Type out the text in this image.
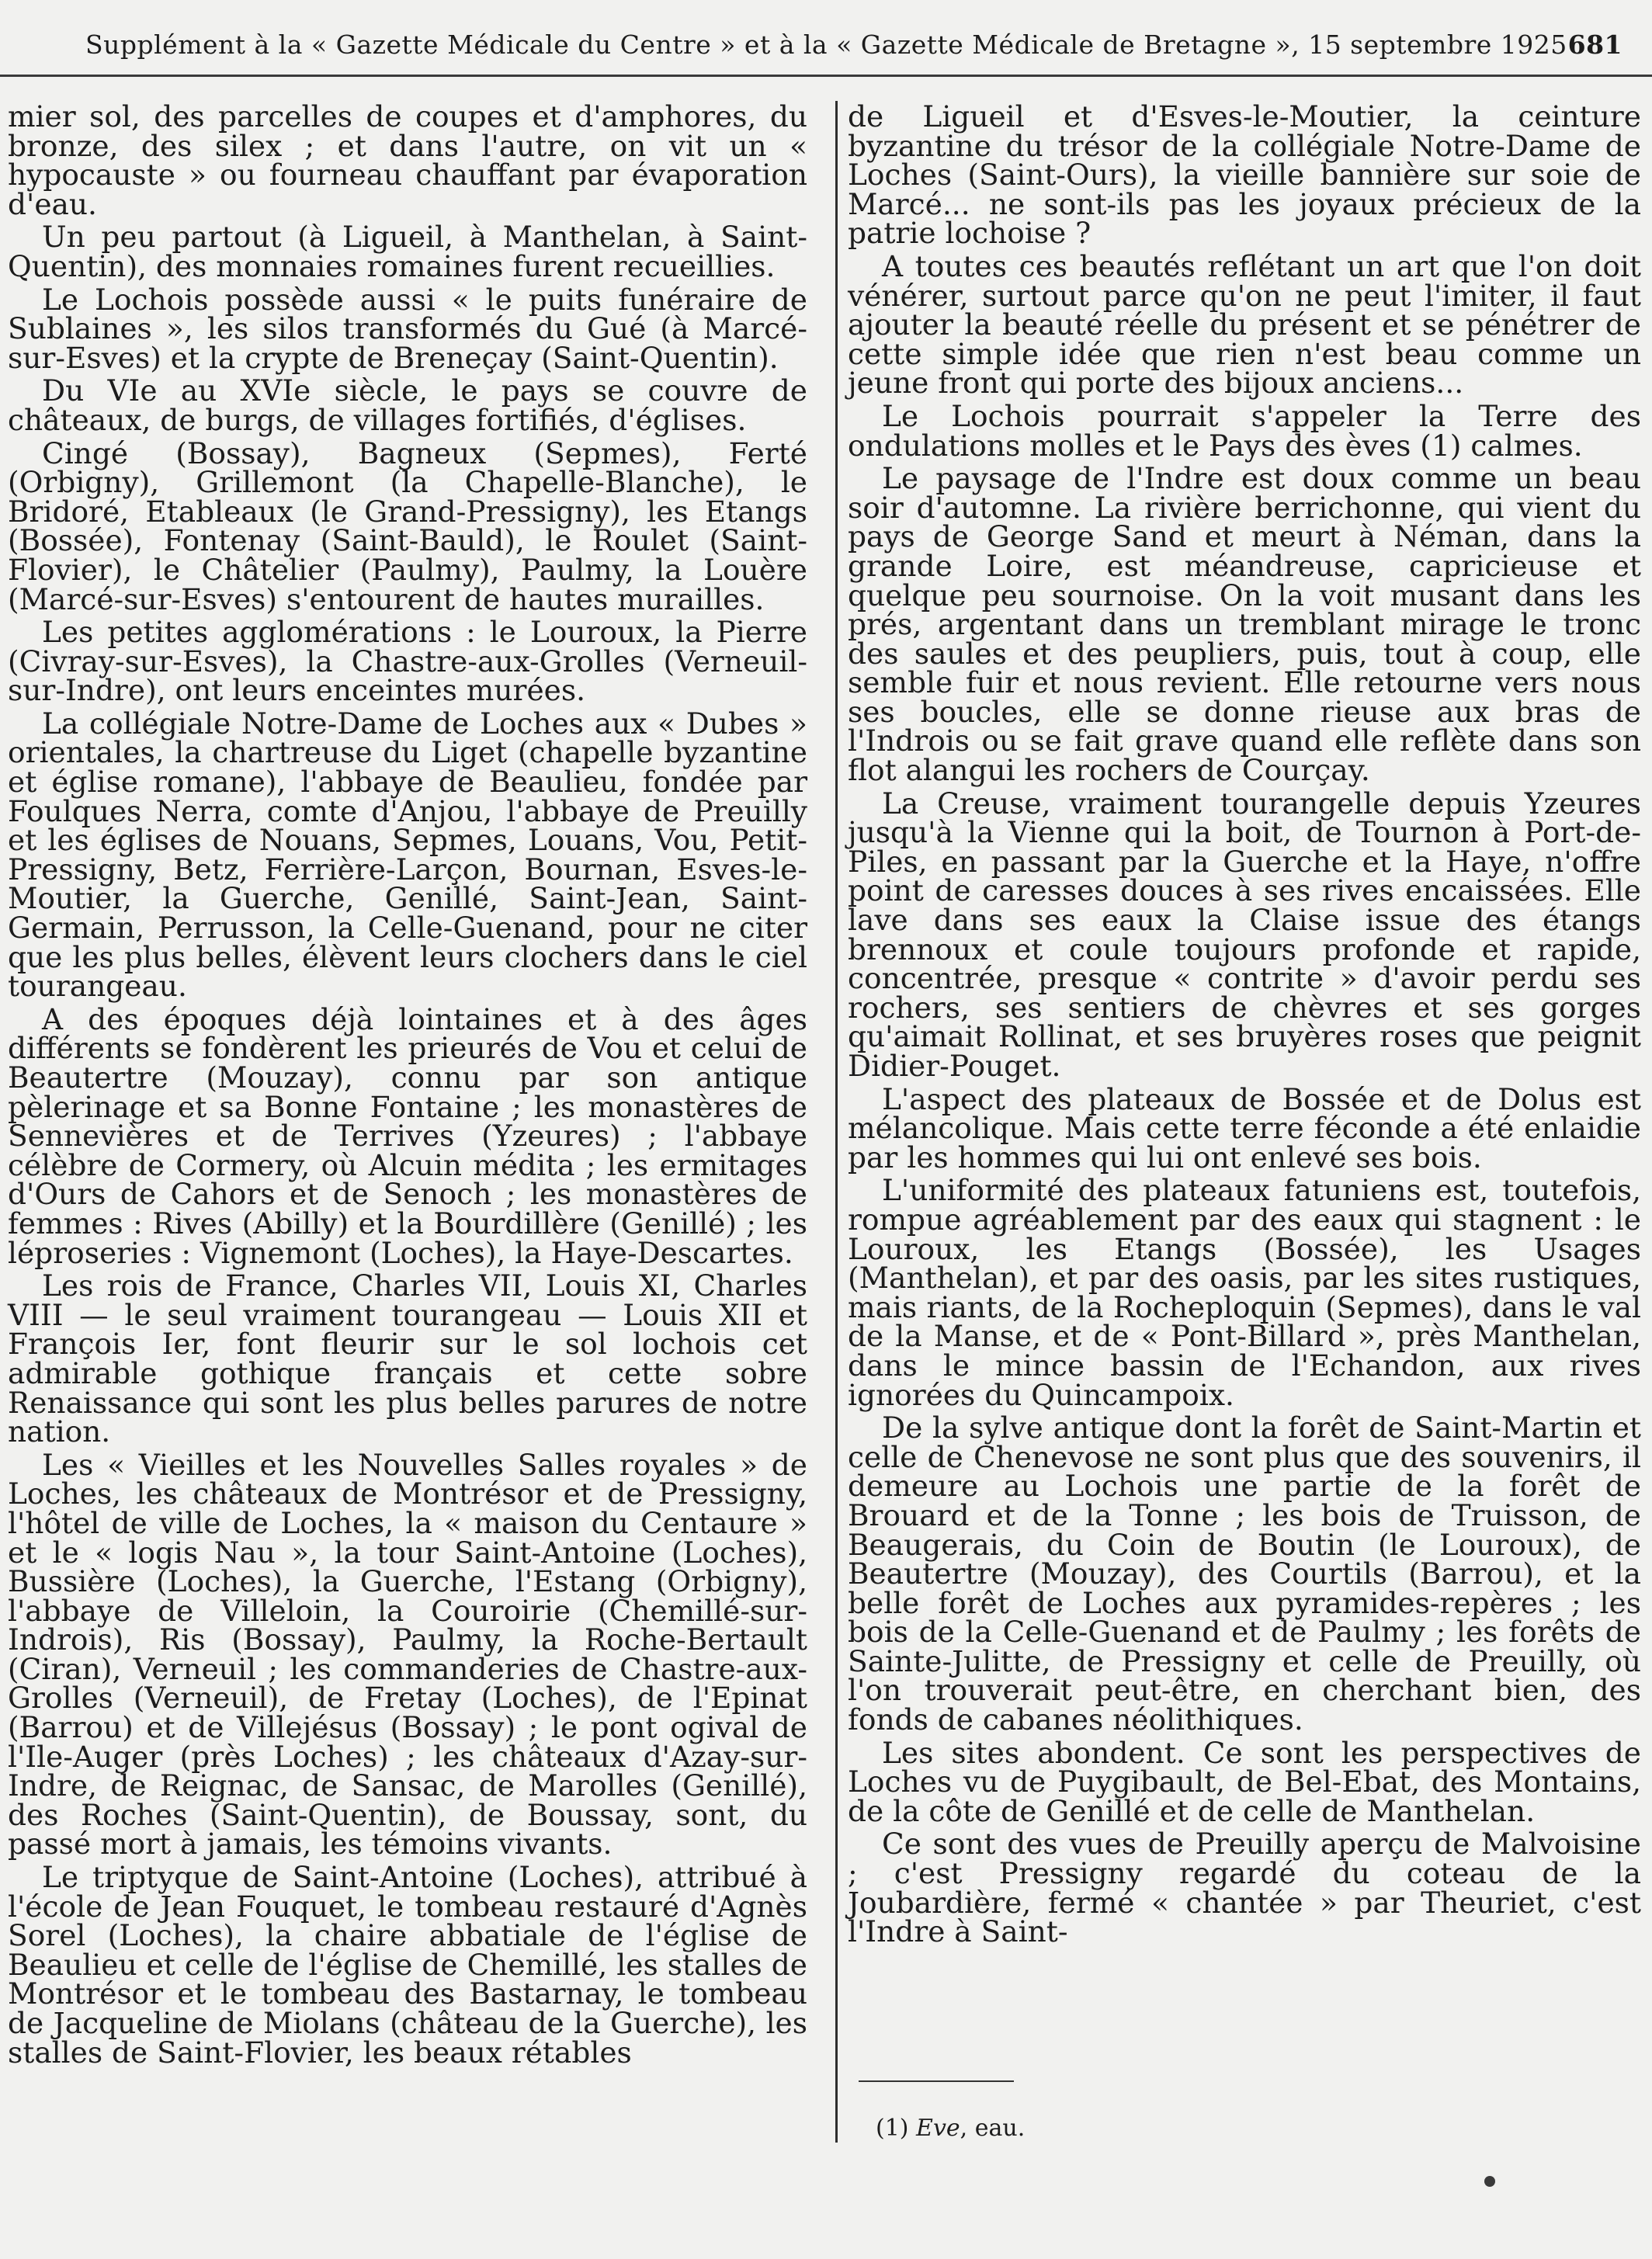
Supplément à la « Gazette Médicale du Centre » et à la « Gazette Médicale de Bretagne », 15 septembre 1925 681

mier sol, des parcelles de coupes et d'amphores, du bronze, des silex ; et dans l'autre, on vit un « hypocauste » ou fourneau chauffant par évaporation d'eau.

Un peu partout (à Ligueil, à Manthelan, à Saint-Quentin), des monnaies romaines furent recueillies.

Le Lochois possède aussi « le puits funéraire de Sublaines », les silos transformés du Gué (à Marcé-sur-Esves) et la crypte de Breneçay (Saint-Quentin).

Du VIe au XVIe siècle, le pays se couvre de châteaux, de burgs, de villages fortifiés, d'églises.

Cingé (Bossay), Bagneux (Sepmes), Ferté (Orbigny), Grillemont (la Chapelle-Blanche), le Bridoré, Etableaux (le Grand-Pressigny), les Etangs (Bossée), Fontenay (Saint-Bauld), le Roulet (Saint-Flovier), le Châtelier (Paulmy), Paulmy, la Louère (Marcé-sur-Esves) s'entourent de hautes murailles.

Les petites agglomérations : le Louroux, la Pierre (Civray-sur-Esves), la Chastre-aux-Grolles (Verneuil-sur-Indre), ont leurs enceintes murées.

La collégiale Notre-Dame de Loches aux « Dubes » orientales, la chartreuse du Liget (chapelle byzantine et église romane), l'abbaye de Beaulieu, fondée par Foulques Nerra, comte d'Anjou, l'abbaye de Preuilly et les églises de Nouans, Sepmes, Louans, Vou, Petit-Pressigny, Betz, Ferrière-Larçon, Bournan, Esves-le-Moutier, la Guerche, Genillé, Saint-Jean, Saint-Germain, Perrusson, la Celle-Guenand, pour ne citer que les plus belles, élèvent leurs clochers dans le ciel tourangeau.

A des époques déjà lointaines et à des âges différents se fondèrent les prieurés de Vou et celui de Beautertre (Mouzay), connu par son antique pèlerinage et sa Bonne Fontaine ; les monastères de Sennevières et de Terrives (Yzeures) ; l'abbaye célèbre de Cormery, où Alcuin médita ; les ermitages d'Ours de Cahors et de Senoch ; les monastères de femmes : Rives (Abilly) et la Bourdillère (Genillé) ; les léproseries : Vignemont (Loches), la Haye-Descartes.

Les rois de France, Charles VII, Louis XI, Charles VIII — le seul vraiment tourangeau — Louis XII et François Ier, font fleurir sur le sol lochois cet admirable gothique français et cette sobre Renaissance qui sont les plus belles parures de notre nation.

Les « Vieilles et les Nouvelles Salles royales » de Loches, les châteaux de Montrésor et de Pressigny, l'hôtel de ville de Loches, la « maison du Centaure » et le « logis Nau », la tour Saint-Antoine (Loches), Bussière (Loches), la Guerche, l'Estang (Orbigny), l'abbaye de Villeloin, la Couroirie (Chemillé-sur-Indrois), Ris (Bossay), Paulmy, la Roche-Bertault (Ciran), Verneuil ; les commanderies de Chastre-aux-Grolles (Verneuil), de Fretay (Loches), de l'Epinat (Barrou) et de Villejésus (Bossay) ; le pont ogival de l'Ile-Auger (près Loches) ; les châteaux d'Azay-sur-Indre, de Reignac, de Sansac, de Marolles (Genillé), des Roches (Saint-Quentin), de Boussay, sont, du passé mort à jamais, les témoins vivants.

Le triptyque de Saint-Antoine (Loches), attribué à l'école de Jean Fouquet, le tombeau restauré d'Agnès Sorel (Loches), la chaire abbatiale de l'église de Beaulieu et celle de l'église de Chemillé, les stalles de Montrésor et le tombeau des Bastarnay, le tombeau de Jacqueline de Miolans (château de la Guerche), les stalles de Saint-Flovier, les beaux rétables

de Ligueil et d'Esves-le-Moutier, la ceinture byzantine du trésor de la collégiale Notre-Dame de Loches (Saint-Ours), la vieille bannière sur soie de Marcé... ne sont-ils pas les joyaux précieux de la patrie lochoise ?

A toutes ces beautés reflétant un art que l'on doit vénérer, surtout parce qu'on ne peut l'imiter, il faut ajouter la beauté réelle du présent et se pénétrer de cette simple idée que rien n'est beau comme un jeune front qui porte des bijoux anciens...

Le Lochois pourrait s'appeler la Terre des ondulations molles et le Pays des èves (1) calmes.

Le paysage de l'Indre est doux comme un beau soir d'automne. La rivière berrichonne, qui vient du pays de George Sand et meurt à Néman, dans la grande Loire, est méandreuse, capricieuse et quelque peu sournoise. On la voit musant dans les prés, argentant dans un tremblant mirage le tronc des saules et des peupliers, puis, tout à coup, elle semble fuir et nous revient. Elle retourne vers nous ses boucles, elle se donne rieuse aux bras de l'Indrois ou se fait grave quand elle reflète dans son flot alangui les rochers de Courçay.

La Creuse, vraiment tourangelle depuis Yzeures jusqu'à la Vienne qui la boit, de Tournon à Port-de-Piles, en passant par la Guerche et la Haye, n'offre point de caresses douces à ses rives encaissées. Elle lave dans ses eaux la Claise issue des étangs brennoux et coule toujours profonde et rapide, concentrée, presque « contrite » d'avoir perdu ses rochers, ses sentiers de chèvres et ses gorges qu'aimait Rollinat, et ses bruyères roses que peignit Didier-Pouget.

L'aspect des plateaux de Bossée et de Dolus est mélancolique. Mais cette terre féconde a été enlaidie par les hommes qui lui ont enlevé ses bois.

L'uniformité des plateaux fatuniens est, toutefois, rompue agréablement par des eaux qui stagnent : le Louroux, les Etangs (Bossée), les Usages (Manthelan), et par des oasis, par les sites rustiques, mais riants, de la Rocheploquin (Sepmes), dans le val de la Manse, et de « Pont-Billard », près Manthelan, dans le mince bassin de l'Echandon, aux rives ignorées du Quincampoix.

De la sylve antique dont la forêt de Saint-Martin et celle de Chenevose ne sont plus que des souvenirs, il demeure au Lochois une partie de la forêt de Brouard et de la Tonne ; les bois de Truisson, de Beaugerais, du Coin de Boutin (le Louroux), de Beautertre (Mouzay), des Courtils (Barrou), et la belle forêt de Loches aux pyramides-repères ; les bois de la Celle-Guenand et de Paulmy ; les forêts de Sainte-Julitte, de Pressigny et celle de Preuilly, où l'on trouverait peut-être, en cherchant bien, des fonds de cabanes néolithiques.

Les sites abondent. Ce sont les perspectives de Loches vu de Puygibault, de Bel-Ebat, des Montains, de la côte de Genillé et de celle de Manthelan.

Ce sont des vues de Preuilly aperçu de Malvoisine ; c'est Pressigny regardé du coteau de la Joubardière, fermé « chantée » par Theuriet, c'est l'Indre à Saint-

(1) Eve, eau.
